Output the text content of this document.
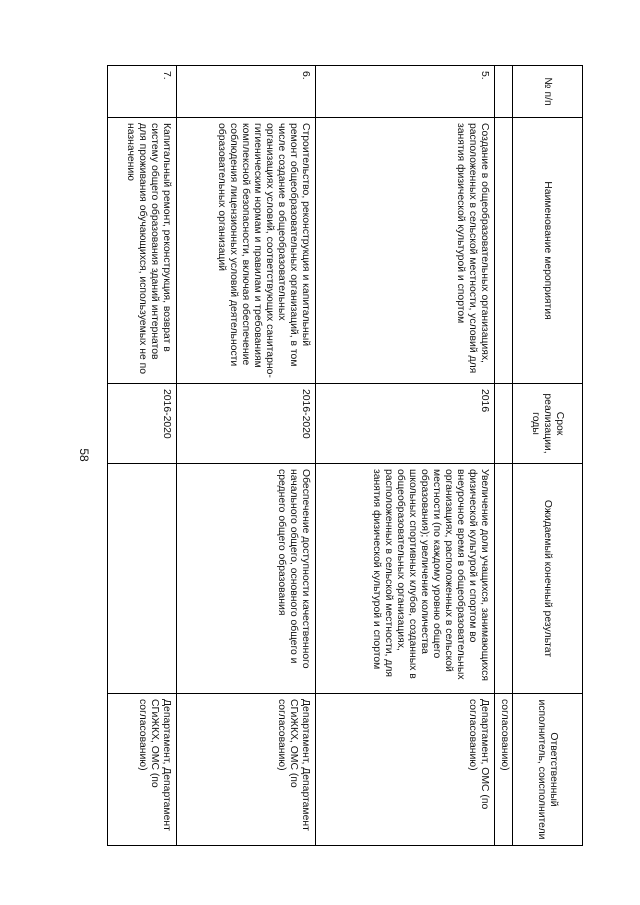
58
№ п/п	Наименование мероприятия	Срок реализации, годы	Ожидаемый конечный результат	Ответственный исполнитель, соисполнители
				согласованию)
5.	Создание в общеобразовательных организациях, расположенных в сельской местности, условий для занятия физической культурой и спортом	2016	Увеличение доли учащихся, занимающихся физической культурой и спортом во внеурочное время в общеобразовательных организациях, расположенных в сельской местности (по каждому уровню общего образования); увеличение количества школьных спортивных клубов, созданных в общеобразовательных организациях, расположенных в сельской местности, для занятия физической культурой и спортом	Департамент, ОМС (по согласованию)
6.	Строительство, реконструкция и капитальный ремонт общеобразовательных организаций, в том числе создание в общеобразовательных организациях условий, соответствующих санитарно-гигиеническим нормам и правилам и требованиям комплексной безопасности, включая обеспечение соблюдения лицензионных условий деятельности образовательных организаций	2016-2020	Обеспечение доступности качественного начального общего, основного общего и среднего общего образования	Департамент, Департамент СГиЖКХ, ОМС (по согласованию)
7.	Капитальный ремонт, реконструкция, возврат в систему общего образования зданий интернатов для проживания обучающихся, используемых не по назначению	2016-2020		Департамент, Департамент СГиЖКХ, ОМС (по согласованию)
